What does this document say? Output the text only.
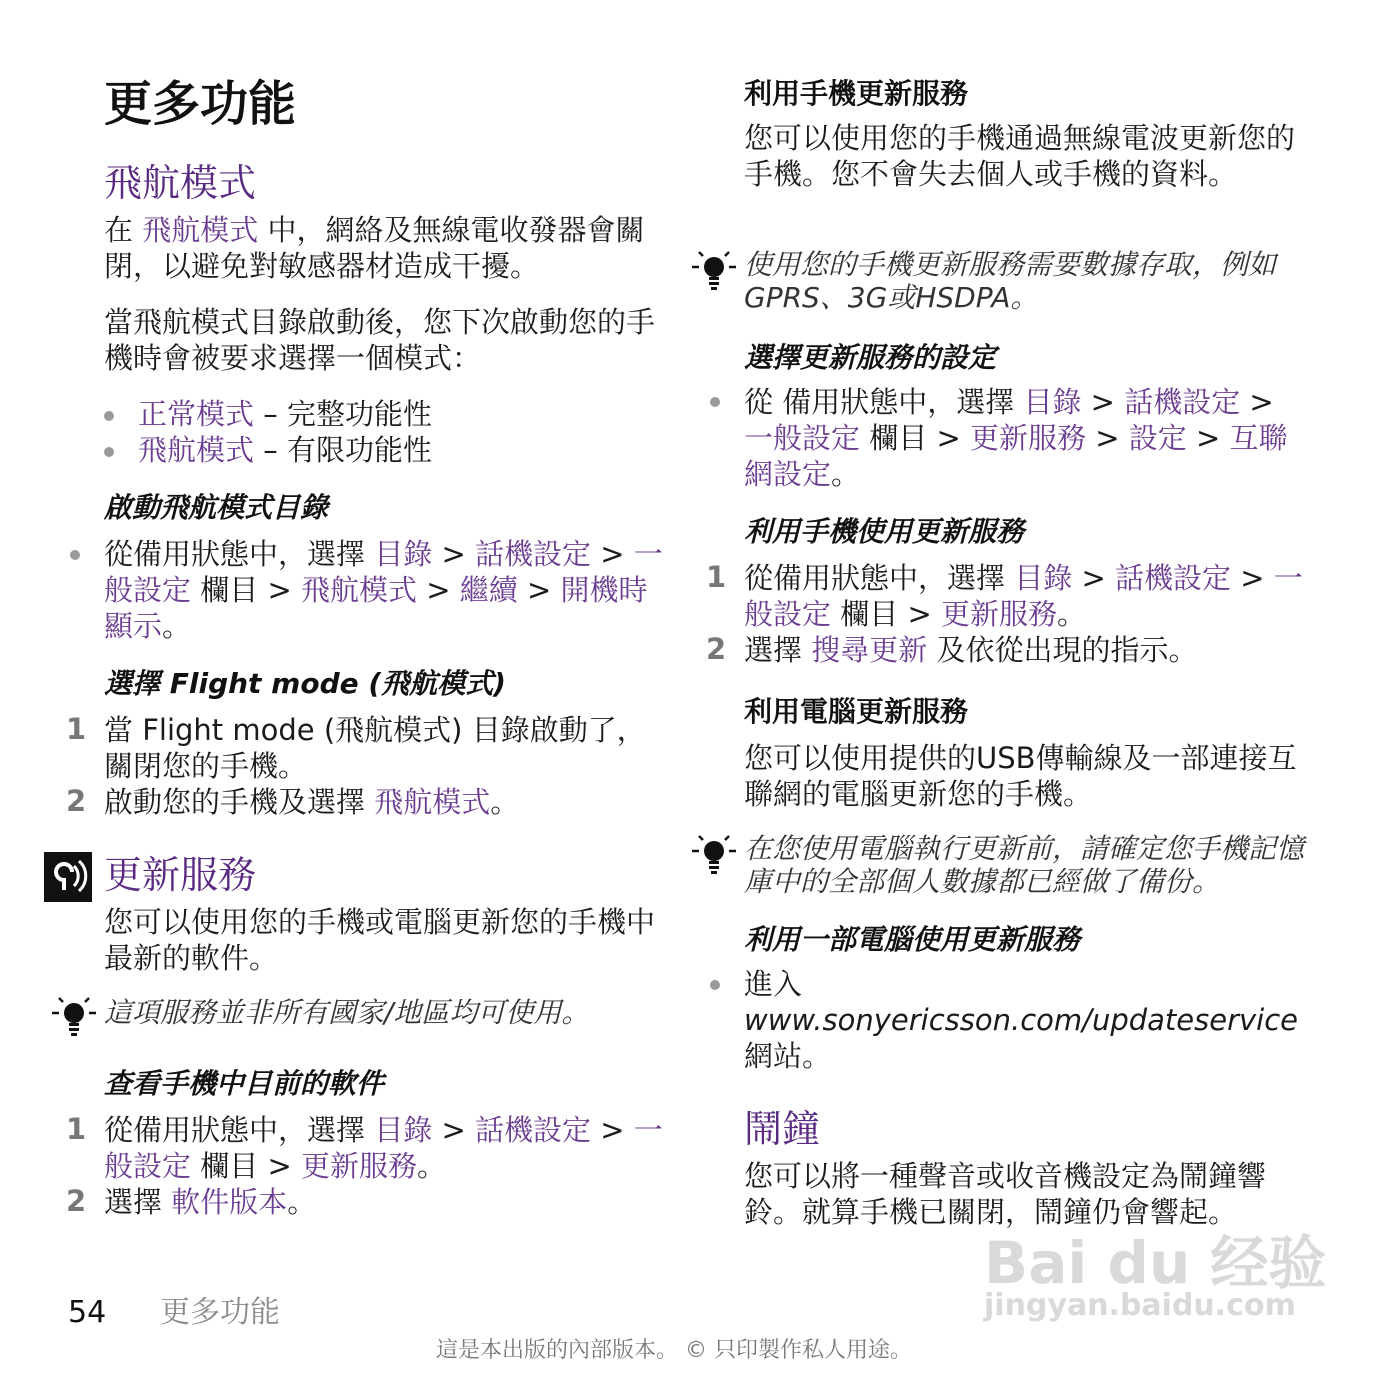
更多功能
飛航模式
在 飛航模式 中，網絡及無線電收發器會關閉，以避免對敏感器材造成干擾。
當飛航模式目錄啟動後，您下次啟動您的手機時會被要求選擇一個模式：
正常模式 – 完整功能性
飛航模式 – 有限功能性
啟動飛航模式目錄
從備用狀態中，選擇 目錄 > 話機設定 > 一般設定 欄目 > 飛航模式 > 繼續 > 開機時顯示。
選擇 Flight mode (飛航模式)
1 當 Flight mode (飛航模式) 目錄啟動了，關閉您的手機。
2 啟動您的手機及選擇 飛航模式。
更新服務
您可以使用您的手機或電腦更新您的手機中最新的軟件。
這項服務並非所有國家/地區均可使用。
查看手機中目前的軟件
1 從備用狀態中，選擇 目錄 > 話機設定 > 一般設定 欄目 > 更新服務。
2 選擇 軟件版本。
利用手機更新服務
您可以使用您的手機通過無線電波更新您的手機。您不會失去個人或手機的資料。
使用您的手機更新服務需要數據存取，例如 GPRS、3G或HSDPA。
選擇更新服務的設定
從 備用狀態中，選擇 目錄 > 話機設定 > 一般設定 欄目 > 更新服務 > 設定 > 互聯網設定。
利用手機使用更新服務
1 從備用狀態中，選擇 目錄 > 話機設定 > 一般設定 欄目 > 更新服務。
2 選擇 搜尋更新 及依從出現的指示。
利用電腦更新服務
您可以使用提供的USB傳輸線及一部連接互聯網的電腦更新您的手機。
在您使用電腦執行更新前，請確定您手機記憶庫中的全部個人數據都已經做了備份。
利用一部電腦使用更新服務
進入
www.sonyericsson.com/updateservice
網站。
鬧鐘
您可以將一種聲音或收音機設定為鬧鐘響鈴。就算手機已關閉，鬧鐘仍會響起。
Bai du 经验
jingyan.baidu.com
54 更多功能
這是本出版的內部版本。 © 只印製作私人用途。
